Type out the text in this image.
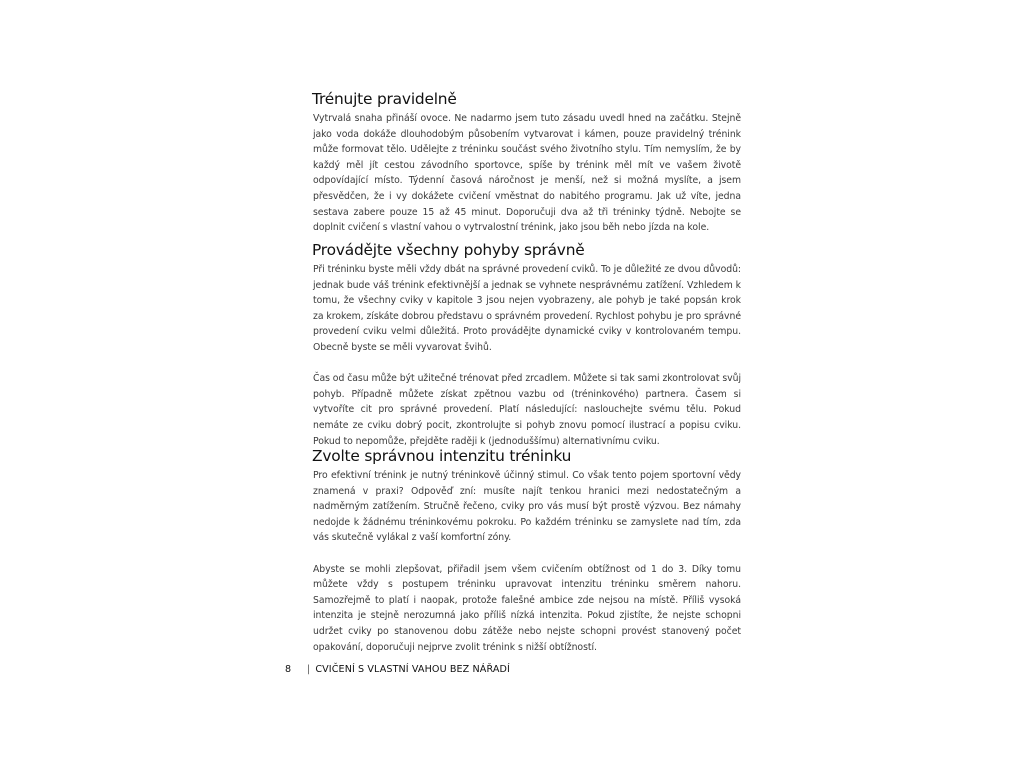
Trénujte pravidelně

Vytrvalá snaha přináší ovoce. Ne nadarmo jsem tuto zásadu uvedl hned na začátku. Stejně jako voda dokáže dlouhodobým působením vytvarovat i kámen, pouze pravidelný trénink může formovat tělo. Udělejte z tréninku součást svého životního stylu. Tím nemyslím, že by každý měl jít cestou závodního sportovce, spíše by trénink měl mít ve vašem životě odpovídající místo. Týdenní časová náročnost je menší, než si možná myslíte, a jsem přesvědčen, že i vy dokážete cvičení vměstnat do nabitého programu. Jak už víte, jedna sestava zabere pouze 15 až 45 minut. Doporučuji dva až tři tréninky týdně. Nebojte se doplnit cvičení s vlastní vahou o vytrvalostní trénink, jako jsou běh nebo jízda na kole.

Provádějte všechny pohyby správně

Při tréninku byste měli vždy dbát na správné provedení cviků. To je důležité ze dvou důvodů: jednak bude váš trénink efektivnější a jednak se vyhnete nesprávnému zatížení. Vzhledem k tomu, že všechny cviky v kapitole 3 jsou nejen vyobrazeny, ale pohyb je také popsán krok za krokem, získáte dobrou představu o správném provedení. Rychlost pohybu je pro správné provedení cviku velmi důležitá. Proto provádějte dynamické cviky v kontrolovaném tempu. Obecně byste se měli vyvarovat švihů.

Čas od času může být užitečné trénovat před zrcadlem. Můžete si tak sami zkontrolovat svůj pohyb. Případně můžete získat zpětnou vazbu od (tréninkového) partnera. Časem si vytvoříte cit pro správné provedení. Platí následující: naslouchejte svému tělu. Pokud nemáte ze cviku dobrý pocit, zkontrolujte si pohyb znovu pomocí ilustrací a popisu cviku. Pokud to nepomůže, přejděte raději k (jednoduššímu) alternativnímu cviku.

Zvolte správnou intenzitu tréninku

Pro efektivní trénink je nutný tréninkově účinný stimul. Co však tento pojem sportovní vědy znamená v praxi? Odpověď zní: musíte najít tenkou hranici mezi nedostatečným a nadměrným zatížením. Stručně řečeno, cviky pro vás musí být prostě výzvou. Bez námahy nedojde k žádnému tréninkovému pokroku. Po každém tréninku se zamyslete nad tím, zda vás skutečně vylákal z vaší komfortní zóny.

Abyste se mohli zlepšovat, přiřadil jsem všem cvičením obtížnost od 1 do 3. Díky tomu můžete vždy s postupem tréninku upravovat intenzitu tréninku směrem nahoru. Samozřejmě to platí i naopak, protože falešné ambice zde nejsou na místě. Příliš vysoká intenzita je stejně nerozumná jako příliš nízká intenzita. Pokud zjistíte, že nejste schopni udržet cviky po stanovenou dobu zátěže nebo nejste schopni provést stanovený počet opakování, doporučuji nejprve zvolit trénink s nižší obtížností.

8	| CVIČENÍ S VLASTNÍ VAHOU BEZ NÁŘADÍ
